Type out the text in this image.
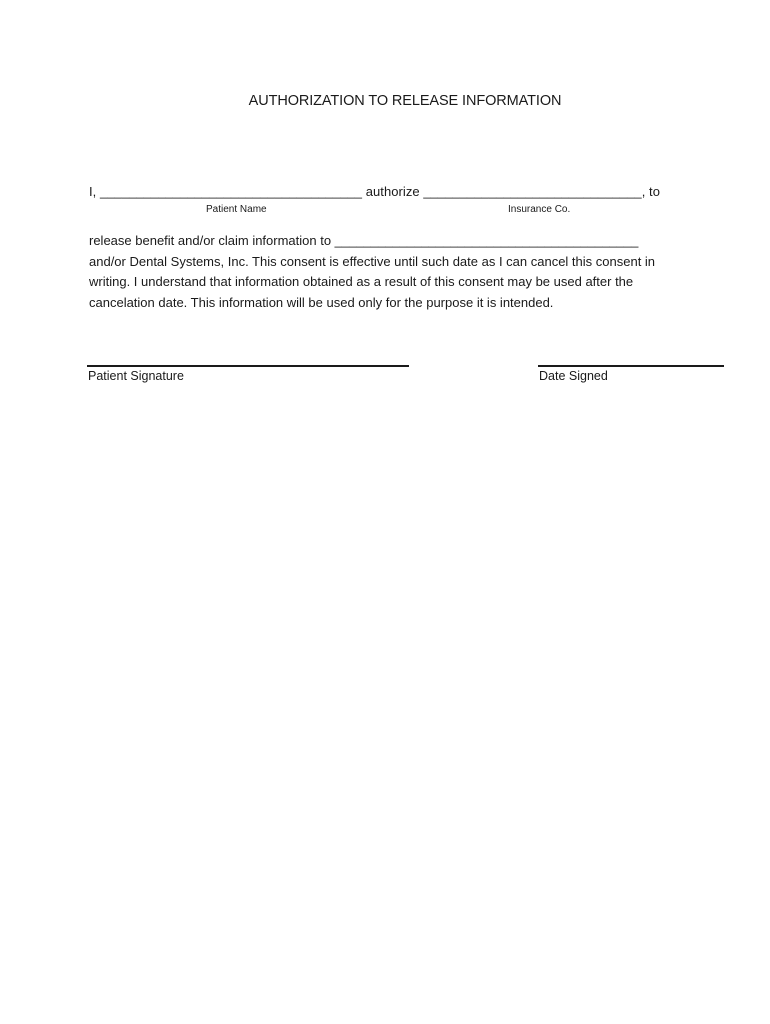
AUTHORIZATION TO RELEASE INFORMATION
I, ____________________________________ authorize ______________________________, to
Patient Name	Insurance Co.
release benefit and/or claim information to __________________________________________
and/or Dental Systems, Inc. This consent is effective until such date as I can cancel this consent in
writing. I understand that information obtained as a result of this consent may be used after the
cancelation date. This information will be used only for the purpose it is intended.
Patient Signature	Date Signed
